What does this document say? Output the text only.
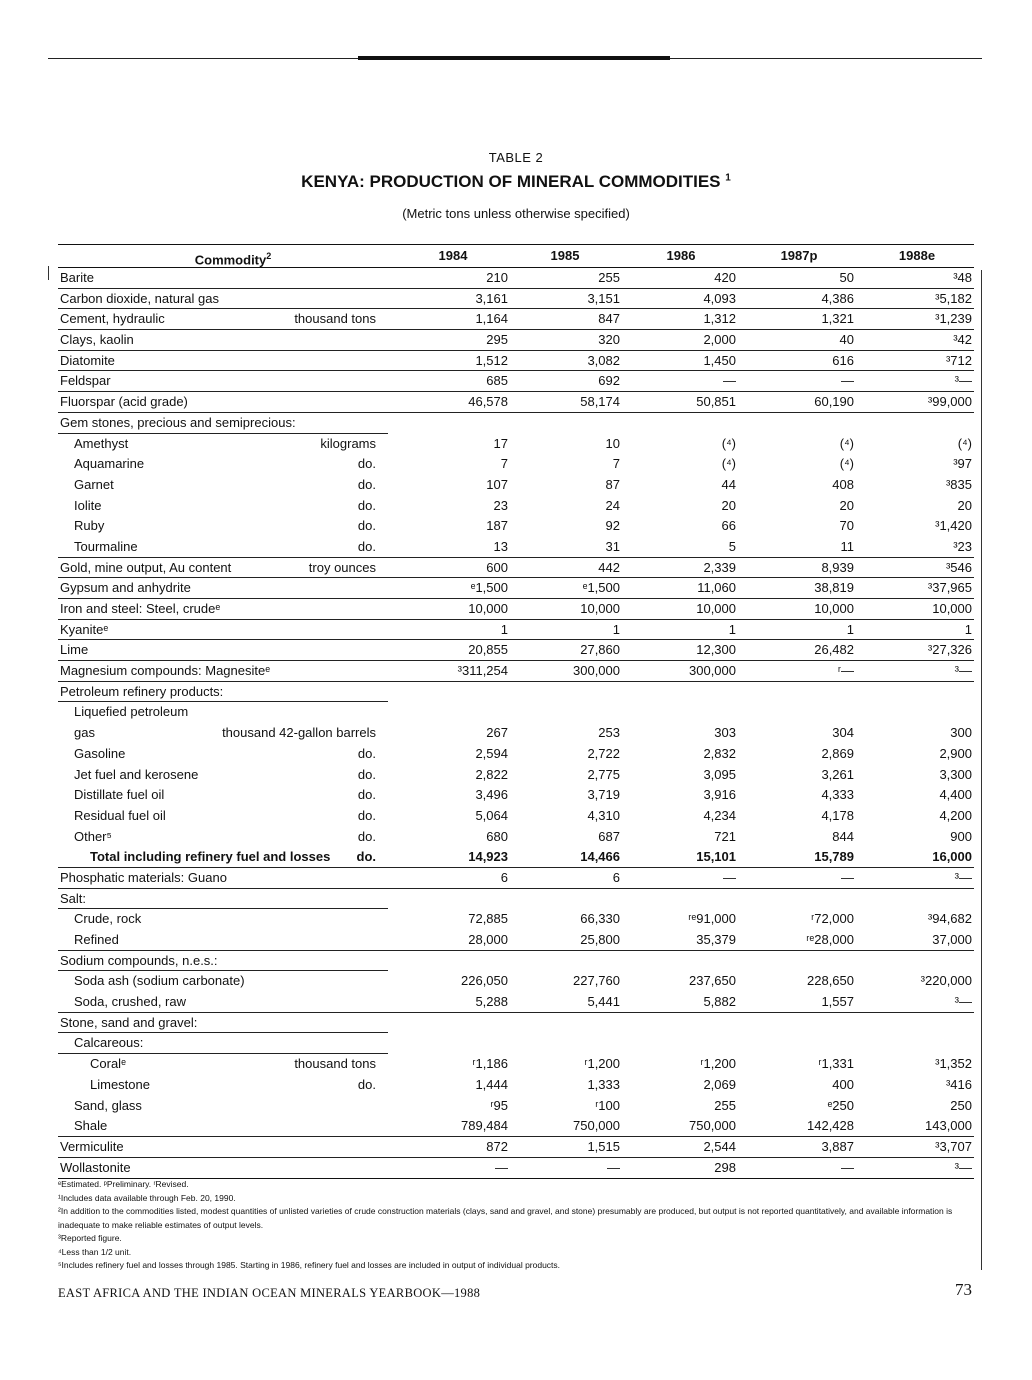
TABLE 2
KENYA: PRODUCTION OF MINERAL COMMODITIES $^1$
(Metric tons unless otherwise specified)
Commodity$^2$	1984	1985	1986	1987p	1988e
Barite	210	255	420	50	³48
Carbon dioxide, natural gas	3,161	3,151	4,093	4,386	³5,182
Cement, hydraulic	thousand tons	1,164	847	1,312	1,321	³1,239
Clays, kaolin	295	320	2,000	40	³42
Diatomite	1,512	3,082	1,450	616	³712
Feldspar	685	692	—	—	³—
Fluorspar (acid grade)	46,578	58,174	50,851	60,190	³99,000
Gem stones, precious and semiprecious:
Amethyst	kilograms	17	10	(⁴)	(⁴)	(⁴)
Aquamarine	do.	7	7	(⁴)	(⁴)	³97
Garnet	do.	107	87	44	408	³835
Iolite	do.	23	24	20	20	20
Ruby	do.	187	92	66	70	³1,420
Tourmaline	do.	13	31	5	11	³23
Gold, mine output, Au content	troy ounces	600	442	2,339	8,939	³546
Gypsum and anhydrite	ᵉ1,500	ᵉ1,500	11,060	38,819	³37,965
Iron and steel: Steel, crudeᵉ	10,000	10,000	10,000	10,000	10,000
Kyaniteᵉ	1	1	1	1	1
Lime	20,855	27,860	12,300	26,482	³27,326
Magnesium compounds: Magnesiteᵉ	³311,254	300,000	300,000	ʳ—	³—
Petroleum refinery products:
Liquefied petroleum
gas	thousand 42-gallon barrels	267	253	303	304	300
Gasoline	do.	2,594	2,722	2,832	2,869	2,900
Jet fuel and kerosene	do.	2,822	2,775	3,095	3,261	3,300
Distillate fuel oil	do.	3,496	3,719	3,916	4,333	4,400
Residual fuel oil	do.	5,064	4,310	4,234	4,178	4,200
Other⁵	do.	680	687	721	844	900
Total including refinery fuel and losses do.	14,923	14,466	15,101	15,789	16,000
Phosphatic materials: Guano	6	6	—	—	³—
Salt:
Crude, rock	72,885	66,330	ʳᵉ91,000	ʳ72,000	³94,682
Refined	28,000	25,800	35,379	ʳᵉ28,000	37,000
Sodium compounds, n.e.s.:
Soda ash (sodium carbonate)	226,050	227,760	237,650	228,650	³220,000
Soda, crushed, raw	5,288	5,441	5,882	1,557	³—
Stone, sand and gravel:
Calcareous:
Coralᵉ	thousand tons	ʳ1,186	ʳ1,200	ʳ1,200	ʳ1,331	³1,352
Limestone	do.	1,444	1,333	2,069	400	³416
Sand, glass	ʳ95	ʳ100	255	ᵉ250	250
Shale	789,484	750,000	750,000	142,428	143,000
Vermiculite	872	1,515	2,544	3,887	³3,707
Wollastonite	—	—	298	—	³—
ᵉEstimated. ᵖPreliminary. ʳRevised.
¹Includes data available through Feb. 20, 1990.
²In addition to the commodities listed, modest quantities of unlisted varieties of crude construction materials (clays, sand and gravel, and stone) presumably are produced, but output is not reported quantitatively, and available information is inadequate to make reliable estimates of output levels.
³Reported figure.
⁴Less than 1/2 unit.
⁵Includes refinery fuel and losses through 1985. Starting in 1986, refinery fuel and losses are included in output of individual products.
EAST AFRICA AND THE INDIAN OCEAN MINERALS YEARBOOK—1988	73
